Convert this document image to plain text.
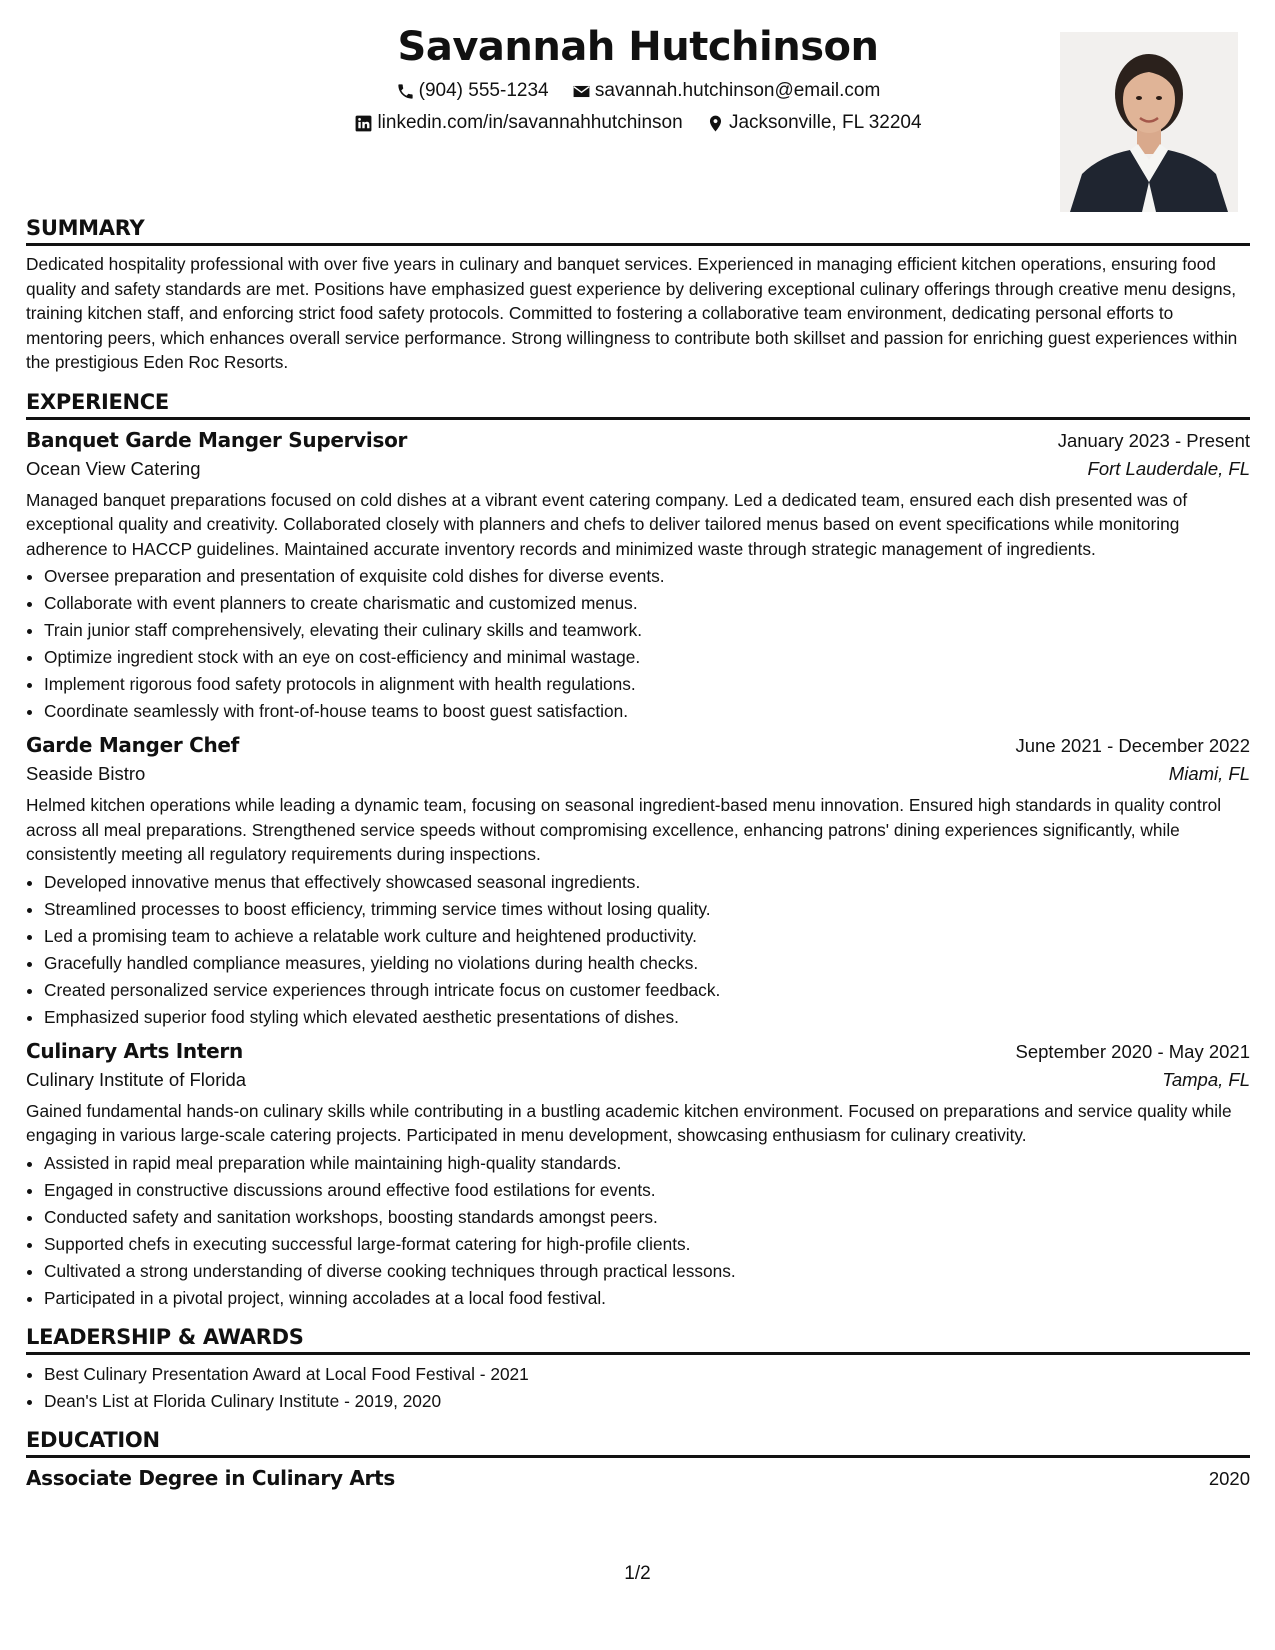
Savannah Hutchinson
(904) 555-1234
savannah.hutchinson@email.com
linkedin.com/in/savannahhutchinson
Jacksonville, FL 32204
SUMMARY

Dedicated hospitality professional with over five years in culinary and banquet services. Experienced in managing efficient kitchen operations, ensuring food quality and safety standards are met. Positions have emphasized guest experience by delivering exceptional culinary offerings through creative menu designs, training kitchen staff, and enforcing strict food safety protocols. Committed to fostering a collaborative team environment, dedicating personal efforts to mentoring peers, which enhances overall service performance. Strong willingness to contribute both skillset and passion for enriching guest experiences within the prestigious Eden Roc Resorts.

EXPERIENCE
Banquet Garde Manger Supervisor	January 2023 - Present
Ocean View Catering	Fort Lauderdale, FL

Managed banquet preparations focused on cold dishes at a vibrant event catering company. Led a dedicated team, ensured each dish presented was of exceptional quality and creativity. Collaborated closely with planners and chefs to deliver tailored menus based on event specifications while monitoring adherence to HACCP guidelines. Maintained accurate inventory records and minimized waste through strategic management of ingredients.

• Oversee preparation and presentation of exquisite cold dishes for diverse events.
• Collaborate with event planners to create charismatic and customized menus.
• Train junior staff comprehensively, elevating their culinary skills and teamwork.
• Optimize ingredient stock with an eye on cost-efficiency and minimal wastage.
• Implement rigorous food safety protocols in alignment with health regulations.
• Coordinate seamlessly with front-of-house teams to boost guest satisfaction.
Garde Manger Chef	June 2021 - December 2022
Seaside Bistro	Miami, FL

Helmed kitchen operations while leading a dynamic team, focusing on seasonal ingredient-based menu innovation. Ensured high standards in quality control across all meal preparations. Strengthened service speeds without compromising excellence, enhancing patrons' dining experiences significantly, while consistently meeting all regulatory requirements during inspections.

• Developed innovative menus that effectively showcased seasonal ingredients.
• Streamlined processes to boost efficiency, trimming service times without losing quality.
• Led a promising team to achieve a relatable work culture and heightened productivity.
• Gracefully handled compliance measures, yielding no violations during health checks.
• Created personalized service experiences through intricate focus on customer feedback.
• Emphasized superior food styling which elevated aesthetic presentations of dishes.
Culinary Arts Intern	September 2020 - May 2021
Culinary Institute of Florida	Tampa, FL

Gained fundamental hands-on culinary skills while contributing in a bustling academic kitchen environment. Focused on preparations and service quality while engaging in various large-scale catering projects. Participated in menu development, showcasing enthusiasm for culinary creativity.

• Assisted in rapid meal preparation while maintaining high-quality standards.
• Engaged in constructive discussions around effective food estilations for events.
• Conducted safety and sanitation workshops, boosting standards amongst peers.
• Supported chefs in executing successful large-format catering for high-profile clients.
• Cultivated a strong understanding of diverse cooking techniques through practical lessons.
• Participated in a pivotal project, winning accolades at a local food festival.
LEADERSHIP & AWARDS
• Best Culinary Presentation Award at Local Food Festival - 2021
• Dean's List at Florida Culinary Institute - 2019, 2020
EDUCATION
Associate Degree in Culinary Arts	2020
1/2
